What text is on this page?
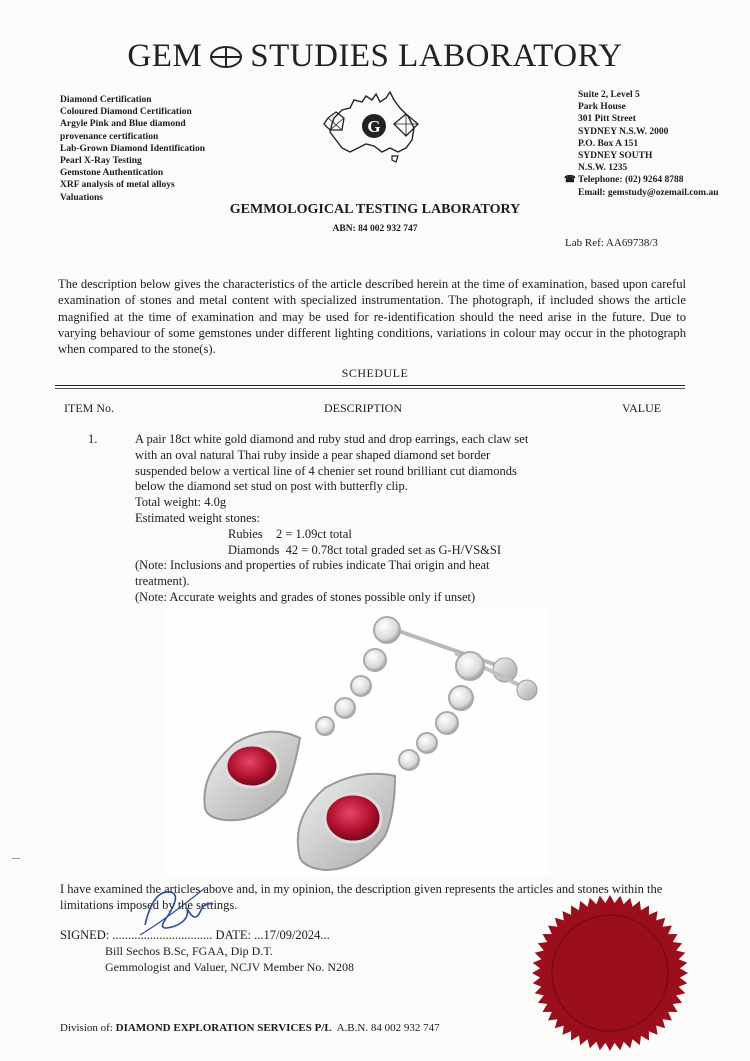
GEM STUDIES LABORATORY
Diamond Certification
Coloured Diamond Certification
Argyle Pink and Blue diamond
provenance certification
Lab-Grown Diamond Identification
Pearl X-Ray Testing
Gemstone Authentication
XRF analysis of metal alloys
Valuations
G
Suite 2, Level 5
Park House
301 Pitt Street
SYDNEY N.S.W. 2000
P.O. Box A 151
SYDNEY SOUTH
N.S.W. 1235
☎ Telephone: (02) 9264 8788
Email: gemstudy@ozemail.com.au
GEMMOLOGICAL TESTING LABORATORY
ABN: 84 002 932 747
Lab Ref: AA69738/3
The description below gives the characteristics of the article described herein at the time of examination, based upon careful examination of stones and metal content with specialized instrumentation. The photograph, if included shows the article magnified at the time of examination and may be used for re-identification should the need arise in the future. Due to varying behaviour of some gemstones under different lighting conditions, variations in colour may occur in the photograph when compared to the stone(s).
SCHEDULE
ITEM No.	DESCRIPTION	VALUE
1.	A pair 18ct white gold diamond and ruby stud and drop earrings, each claw set
with an oval natural Thai ruby inside a pear shaped diamond set border
suspended below a vertical line of 4 chenier set round brilliant cut diamonds
below the diamond set stud on post with butterfly clip.
Total weight: 4.0g
Estimated weight stones:
Rubies 2 = 1.09ct total
Diamonds 42 = 0.78ct total graded set as G-H/VS&SI
(Note: Inclusions and properties of rubies indicate Thai origin and heat
treatment).
(Note: Accurate weights and grades of stones possible only if unset)
I have examined the articles above and, in my opinion, the description given represents the articles and stones within the limitations imposed by the settings.
SIGNED: ................................ DATE: ...17/09/2024...
Bill Sechos B.Sc, FGAA, Dip D.T.
Gemmologist and Valuer, NCJV Member No. N208
Division of: DIAMOND EXPLORATION SERVICES P/L A.B.N. 84 002 932 747
